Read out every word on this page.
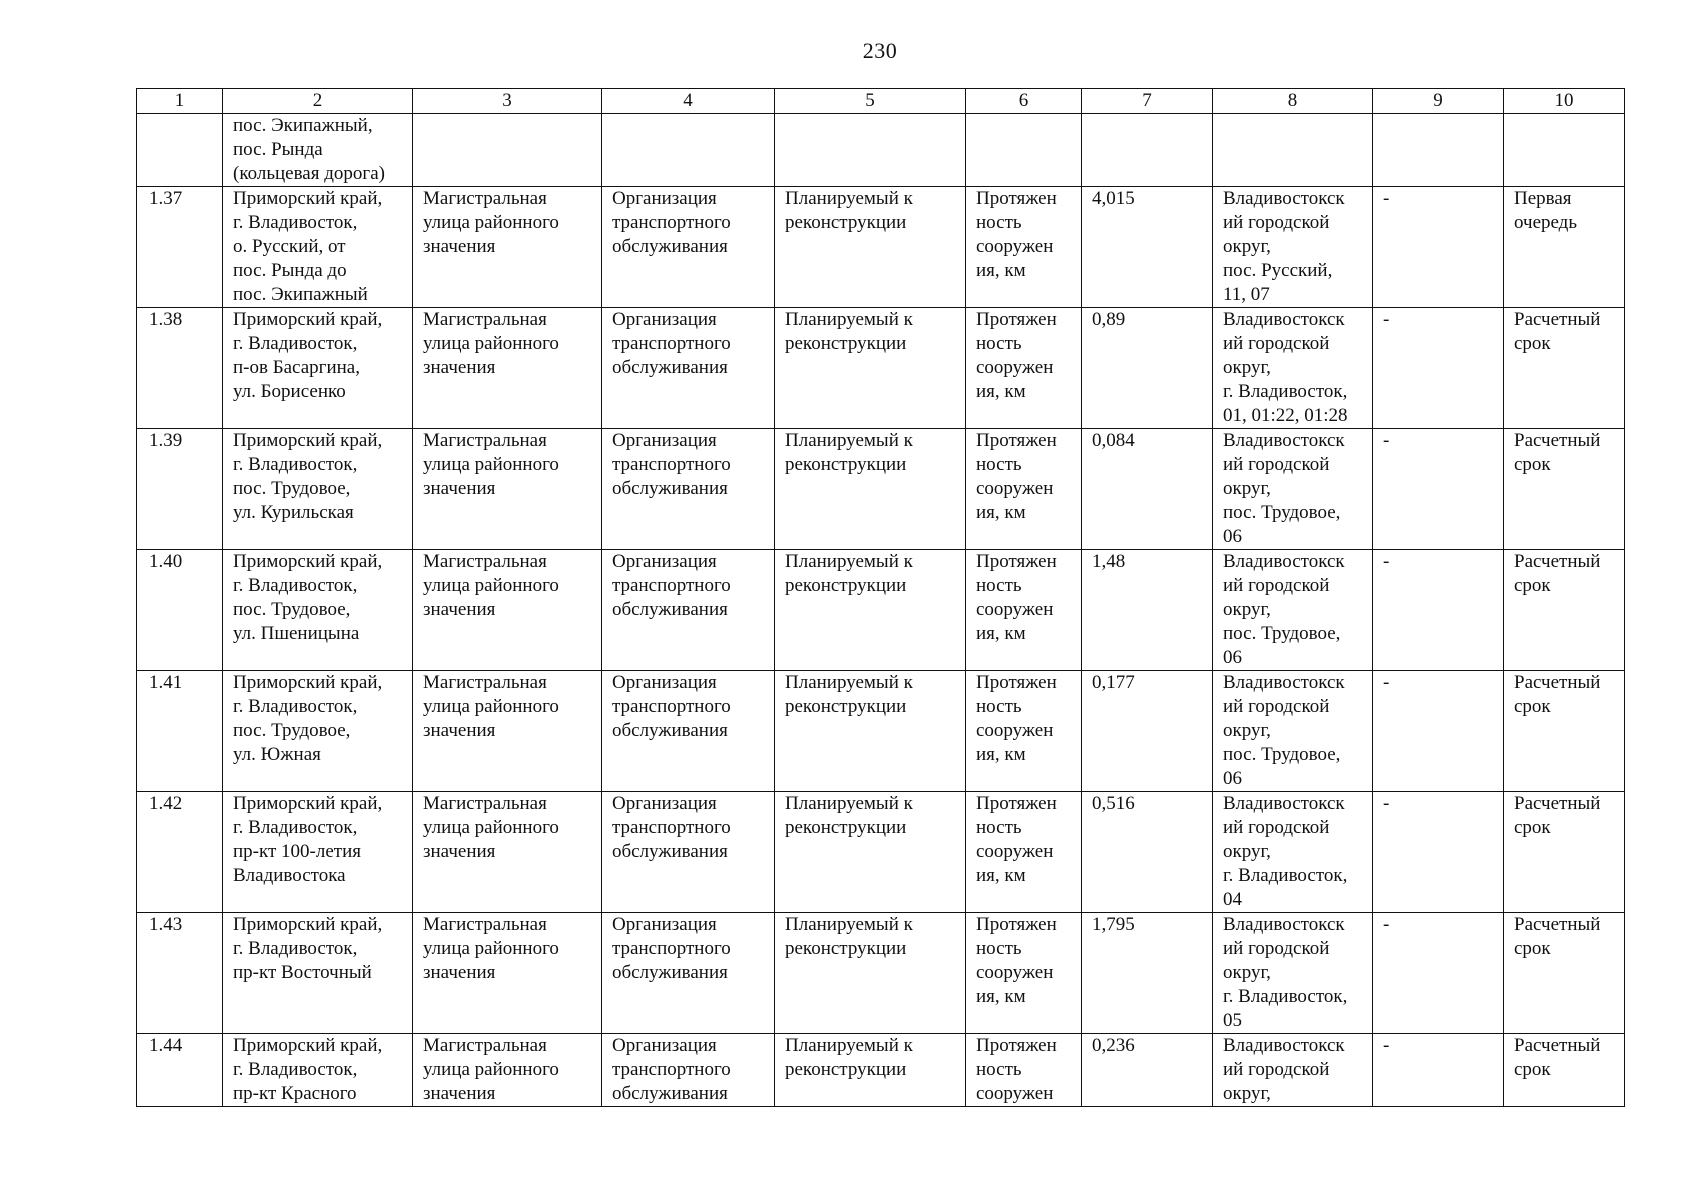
230
1	2	3	4	5	6	7	8	9	10
	пос. Экипажный,
пос. Рында
(кольцевая дорога)								
1.37	Приморский край,
г. Владивосток,
о. Русский, от
пос. Рында до
пос. Экипажный	Магистральная
улица районного
значения	Организация
транспортного
обслуживания	Планируемый к
реконструкции	Протяжен
ность
сооружен
ия, км	4,015	Владивостокск
ий городской
округ,
пос. Русский,
11, 07	-	Первая
очередь
1.38	Приморский край,
г. Владивосток,
п-ов Басаргина,
ул. Борисенко	Магистральная
улица районного
значения	Организация
транспортного
обслуживания	Планируемый к
реконструкции	Протяжен
ность
сооружен
ия, км	0,89	Владивостокск
ий городской
округ,
г. Владивосток,
01, 01:22, 01:28	-	Расчетный
срок
1.39	Приморский край,
г. Владивосток,
пос. Трудовое,
ул. Курильская	Магистральная
улица районного
значения	Организация
транспортного
обслуживания	Планируемый к
реконструкции	Протяжен
ность
сооружен
ия, км	0,084	Владивостокск
ий городской
округ,
пос. Трудовое,
06	-	Расчетный
срок
1.40	Приморский край,
г. Владивосток,
пос. Трудовое,
ул. Пшеницына	Магистральная
улица районного
значения	Организация
транспортного
обслуживания	Планируемый к
реконструкции	Протяжен
ность
сооружен
ия, км	1,48	Владивостокск
ий городской
округ,
пос. Трудовое,
06	-	Расчетный
срок
1.41	Приморский край,
г. Владивосток,
пос. Трудовое,
ул. Южная	Магистральная
улица районного
значения	Организация
транспортного
обслуживания	Планируемый к
реконструкции	Протяжен
ность
сооружен
ия, км	0,177	Владивостокск
ий городской
округ,
пос. Трудовое,
06	-	Расчетный
срок
1.42	Приморский край,
г. Владивосток,
пр-кт 100-летия
Владивостока	Магистральная
улица районного
значения	Организация
транспортного
обслуживания	Планируемый к
реконструкции	Протяжен
ность
сооружен
ия, км	0,516	Владивостокск
ий городской
округ,
г. Владивосток,
04	-	Расчетный
срок
1.43	Приморский край,
г. Владивосток,
пр-кт Восточный	Магистральная
улица районного
значения	Организация
транспортного
обслуживания	Планируемый к
реконструкции	Протяжен
ность
сооружен
ия, км	1,795	Владивостокск
ий городской
округ,
г. Владивосток,
05	-	Расчетный
срок
1.44	Приморский край,
г. Владивосток,
пр-кт Красного	Магистральная
улица районного
значения	Организация
транспортного
обслуживания	Планируемый к
реконструкции	Протяжен
ность
сооружен	0,236	Владивостокск
ий городской
округ,	-	Расчетный
срок
